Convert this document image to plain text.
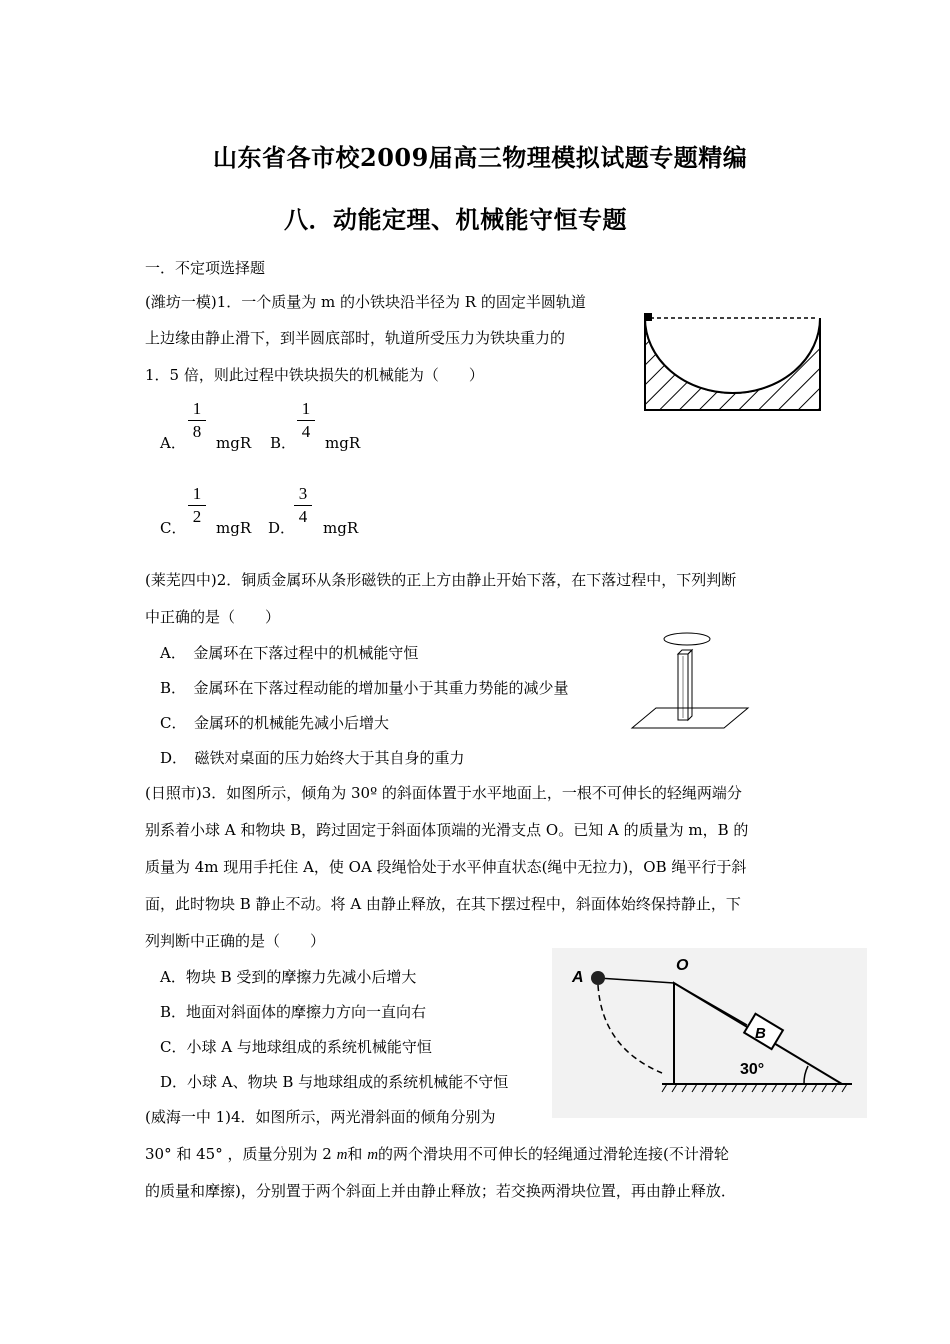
山东省各市校2009届高三物理模拟试题专题精编
八．动能定理、机械能守恒专题
一．不定项选择题
(潍坊一模)1．一个质量为 m 的小铁块沿半径为 R 的固定半圆轨道
上边缘由静止滑下，到半圆底部时，轨道所受压力为铁块重力的
1．5 倍，则此过程中铁块损失的机械能为（　　）
A．
1
8
mgR B．
1
4
mgR
C．
1
2
mgR D．
3
4
mgR
(莱芜四中)2．铜质金属环从条形磁铁的正上方由静止开始下落，在下落过程中，下列判断
中正确的是（　　）
A．　金属环在下落过程中的机械能守恒
B．　金属环在下落过程动能的增加量小于其重力势能的减少量
C．　金属环的机械能先减小后增大
D．　磁铁对桌面的压力始终大于其自身的重力
(日照市)3．如图所示，倾角为 30º 的斜面体置于水平地面上，一根不可伸长的轻绳两端分
别系着小球 A 和物块 B，跨过固定于斜面体顶端的光滑支点 O。已知 A 的质量为 m，B 的
质量为 4m 现用手托住 A，使 OA 段绳恰处于水平伸直状态(绳中无拉力)，OB 绳平行于斜
面，此时物块 B 静止不动。将 A 由静止释放，在其下摆过程中，斜面体始终保持静止，下
列判断中正确的是（　　）
A．物块 B 受到的摩擦力先减小后增大
B．地面对斜面体的摩擦力方向一直向右
C．小球 A 与地球组成的系统机械能守恒
D．小球 A、物块 B 与地球组成的系统机械能不守恒
A
O
B
30°
(威海一中 1)4．如图所示，两光滑斜面的倾角分别为
30° 和 45° ，质量分别为 2 m和 m的两个滑块用不可伸长的轻绳通过滑轮连接(不计滑轮
的质量和摩擦)，分别置于两个斜面上并由静止释放；若交换两滑块位置，再由静止释放．
